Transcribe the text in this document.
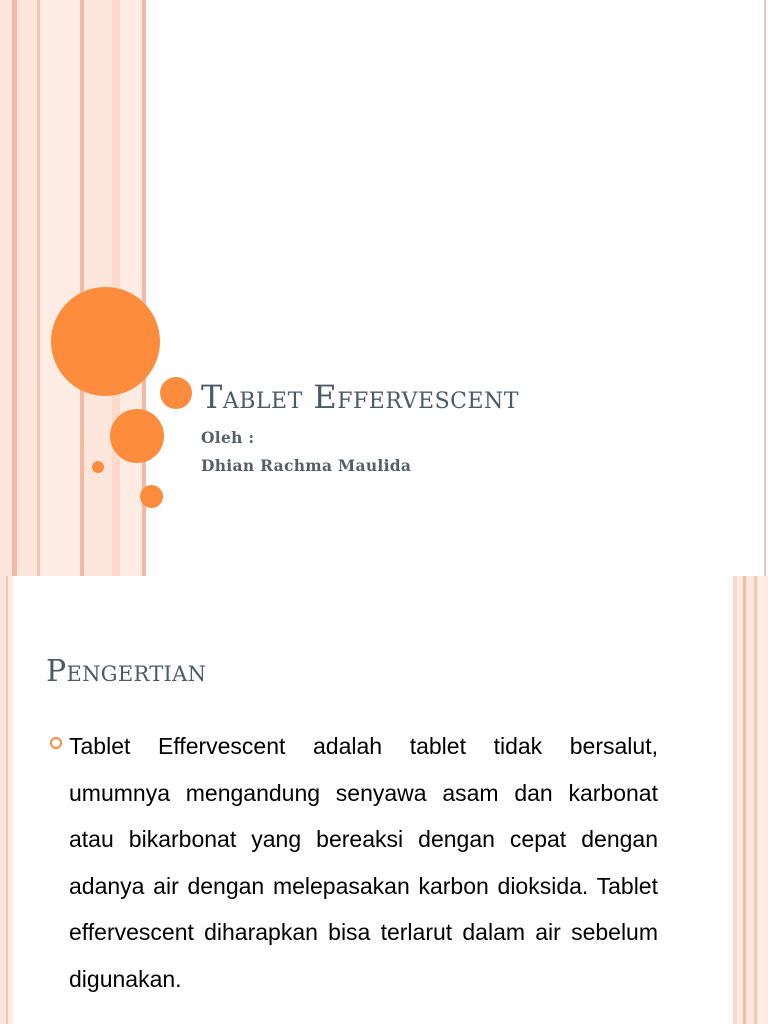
Tablet Effervescent
Oleh :
Dhian Rachma Maulida
Pengertian
Tablet Effervescent adalah tablet tidak bersalut, umumnya mengandung senyawa asam dan karbonat atau bikarbonat yang bereaksi dengan cepat dengan adanya air dengan melepasakan karbon dioksida. Tablet effervescent diharapkan bisa terlarut dalam air sebelum digunakan.
